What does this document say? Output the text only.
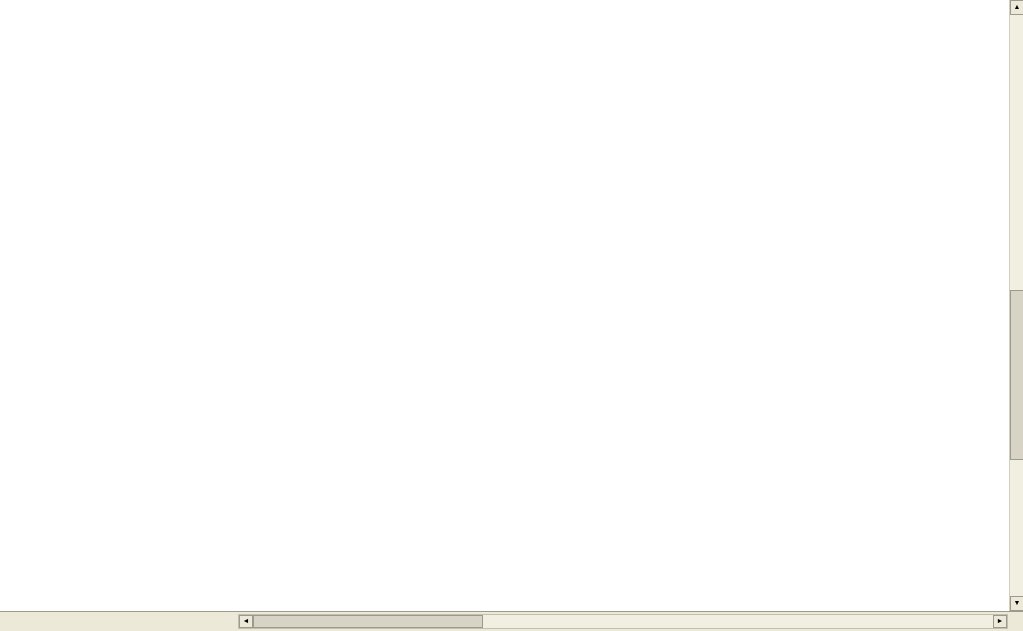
▲
▼
◄	►
